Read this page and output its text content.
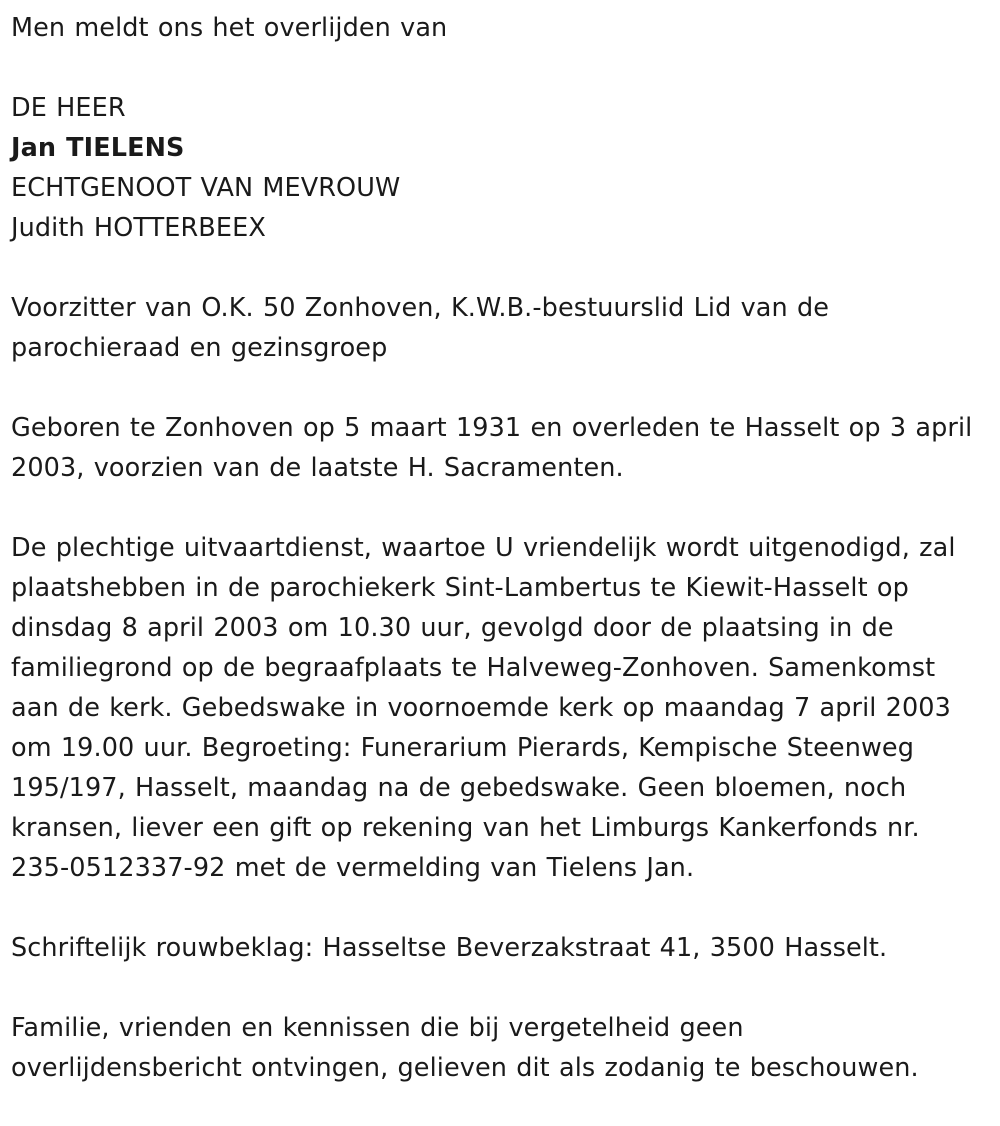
Men meldt ons het overlijden van
DE HEER
Jan TIELENS
ECHTGENOOT VAN MEVROUW
Judith HOTTERBEEX
Voorzitter van O.K. 50 Zonhoven, K.W.B.-bestuurslid Lid van de
parochieraad en gezinsgroep
Geboren te Zonhoven op 5 maart 1931 en overleden te Hasselt op 3 april
2003, voorzien van de laatste H. Sacramenten.
De plechtige uitvaartdienst, waartoe U vriendelijk wordt uitgenodigd, zal
plaatshebben in de parochiekerk Sint-Lambertus te Kiewit-Hasselt op
dinsdag 8 april 2003 om 10.30 uur, gevolgd door de plaatsing in de
familiegrond op de begraafplaats te Halveweg-Zonhoven. Samenkomst
aan de kerk. Gebedswake in voornoemde kerk op maandag 7 april 2003
om 19.00 uur. Begroeting: Funerarium Pierards, Kempische Steenweg
195/197, Hasselt, maandag na de gebedswake. Geen bloemen, noch
kransen, liever een gift op rekening van het Limburgs Kankerfonds nr.
235-0512337-92 met de vermelding van Tielens Jan.
Schriftelijk rouwbeklag: Hasseltse Beverzakstraat 41, 3500 Hasselt.
Familie, vrienden en kennissen die bij vergetelheid geen
overlijdensbericht ontvingen, gelieven dit als zodanig te beschouwen.
